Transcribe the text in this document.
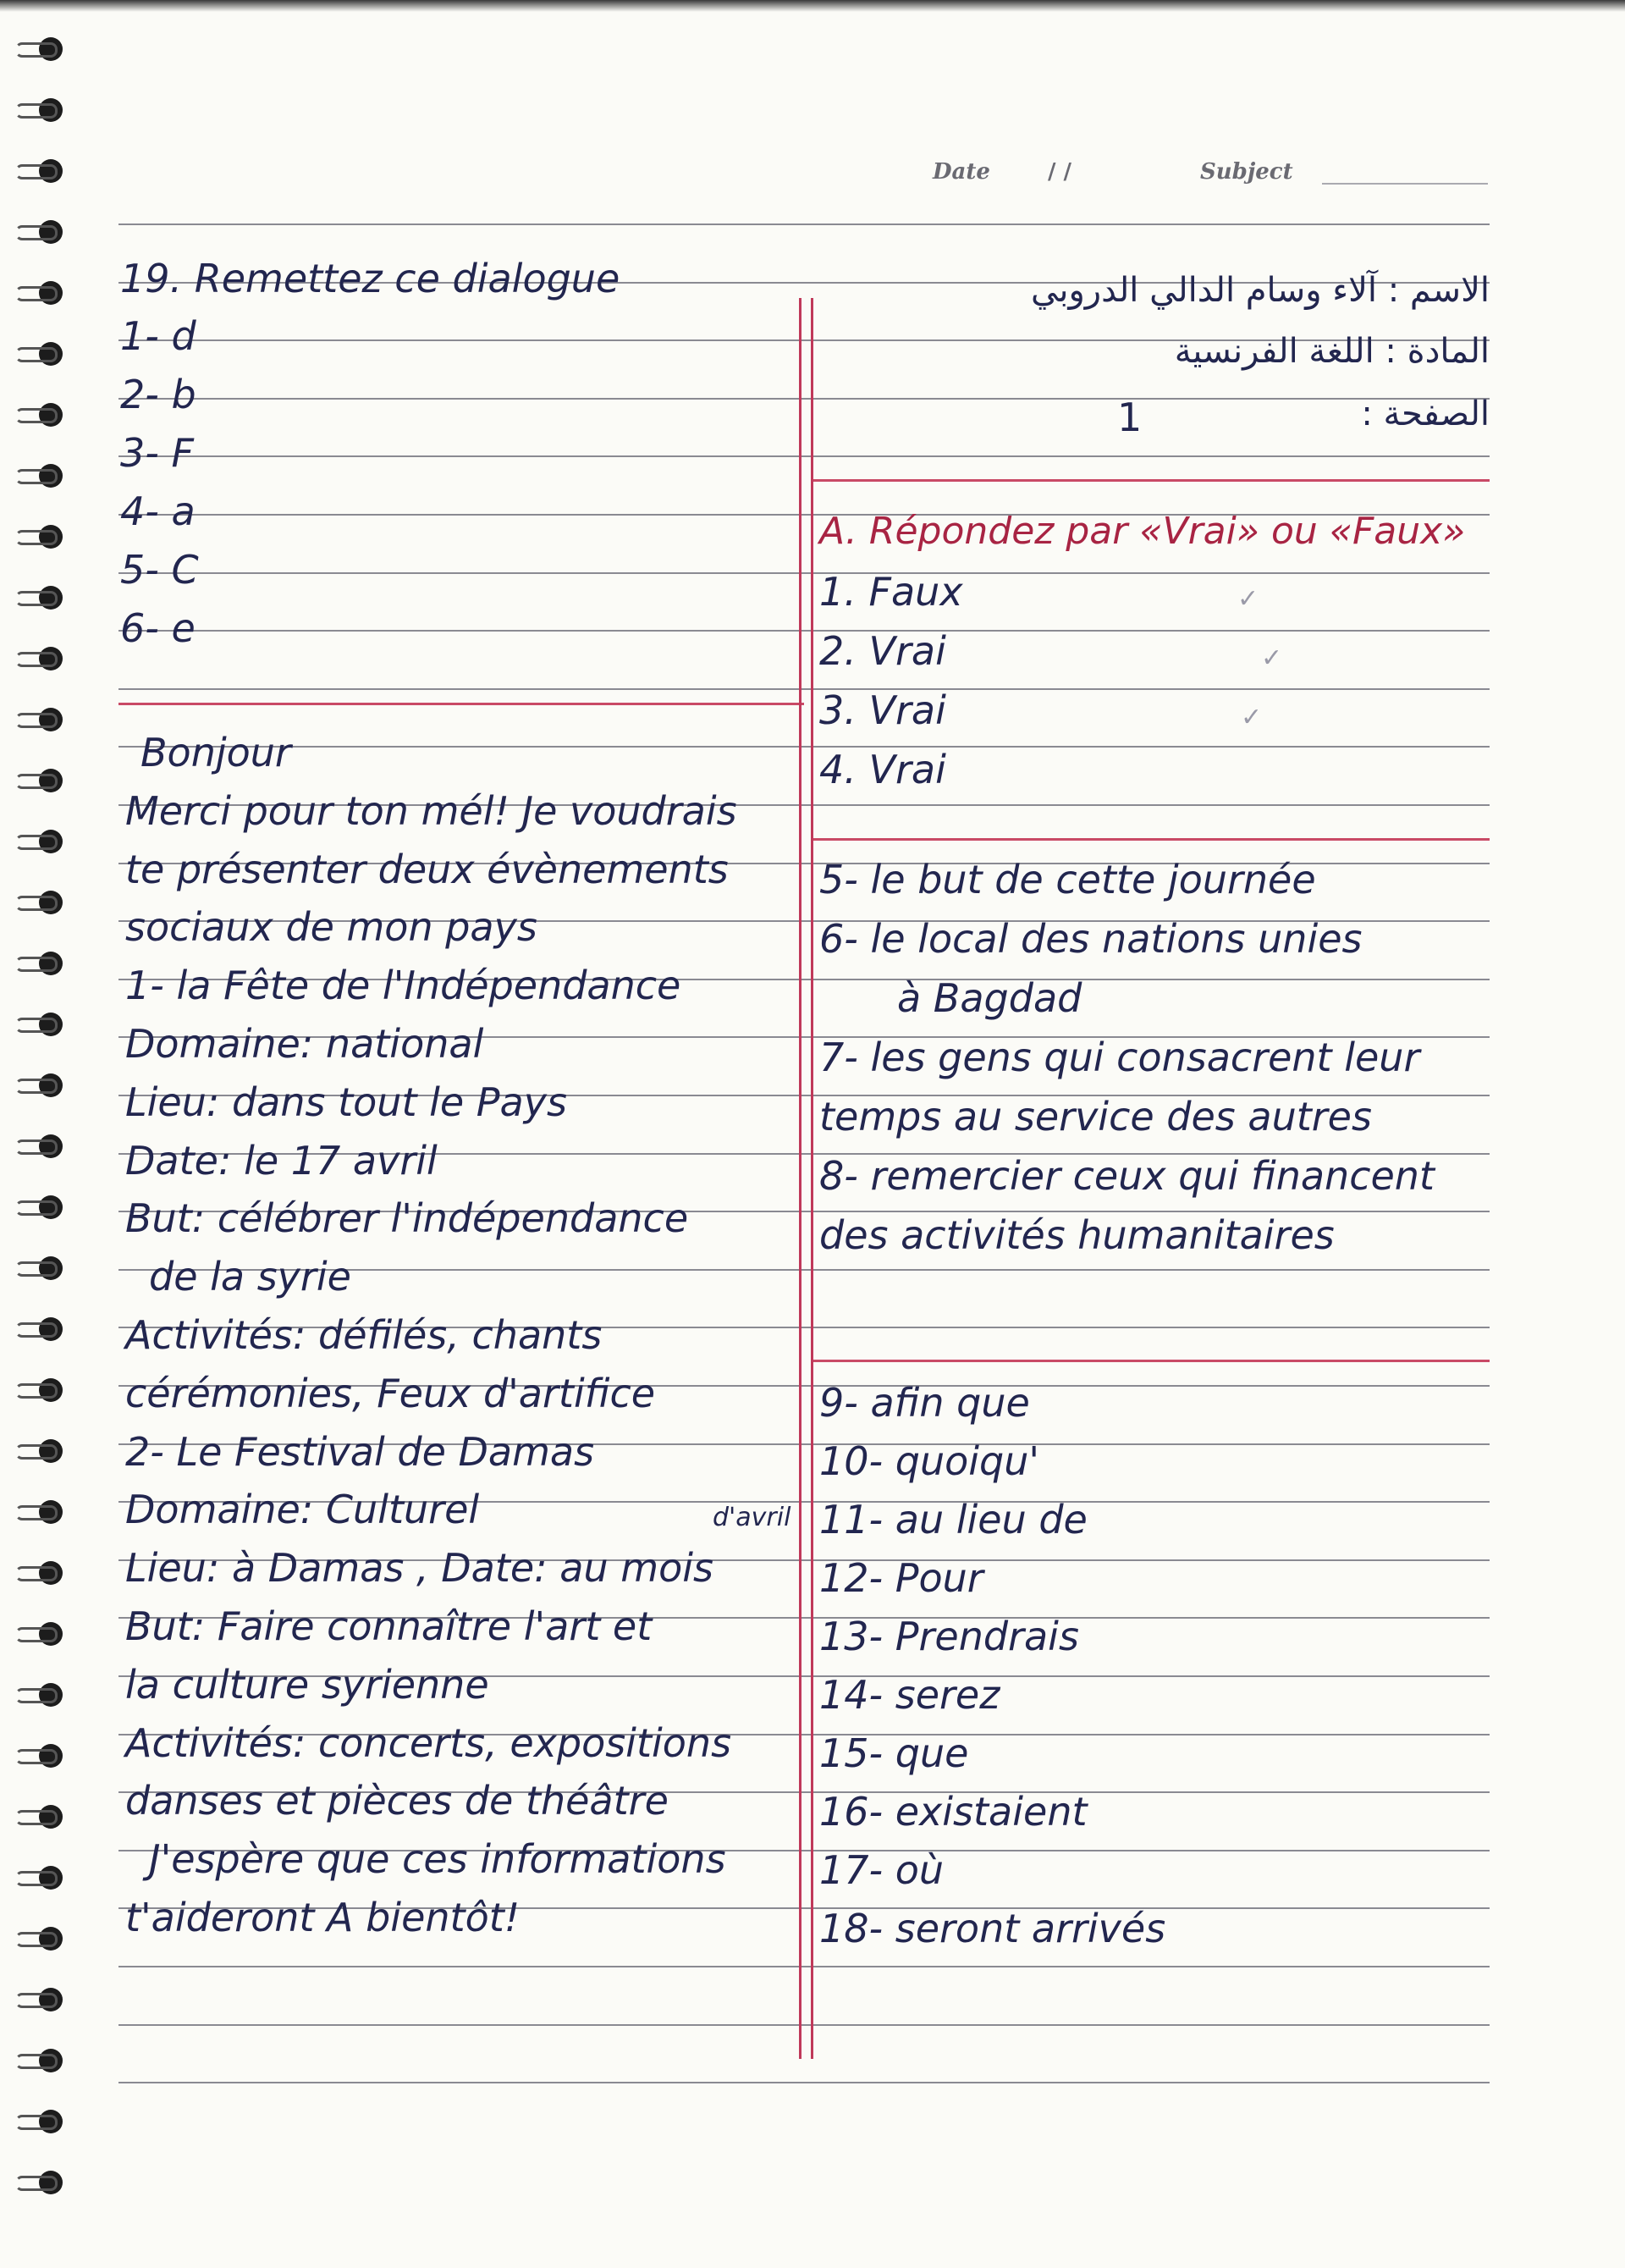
Date	/ /	Subject
الاسم : آلاء وسام الدالي الدروبي
المادة : اللغة الفرنسية
الصفحة :
1
19. Remettez ce dialogue
1- d
2- b
3- F
4- a
5- C
6- e
Bonjour
Merci pour ton mél! Je voudrais
te présenter deux évènements
sociaux de mon pays
1- la Fête de l'Indépendance
Domaine: national
Lieu: dans tout le Pays
Date: le 17 avril
But: célébrer l'indépendance
de la syrie
Activités: défilés, chants
cérémonies, Feux d'artifice
2- Le Festival de Damas
Domaine: Culturel
Lieu: à Damas , Date: au mois
But: Faire connaître l'art et
la culture syrienne
Activités: concerts, expositions
danses et pièces de théâtre
J'espère que ces informations
t'aideront A bientôt!
d'avril
A. Répondez par «Vrai» ou «Faux»
1. Faux
2. Vrai
3. Vrai
4. Vrai
✓
✓
✓
5- le but de cette journée
6- le local des nations unies
à Bagdad
7- les gens qui consacrent leur
temps au service des autres
8- remercier ceux qui financent
des activités humanitaires
9- afin que
10- quoiqu'
11- au lieu de
12- Pour
13- Prendrais
14- serez
15- que
16- existaient
17- où
18- seront arrivés
